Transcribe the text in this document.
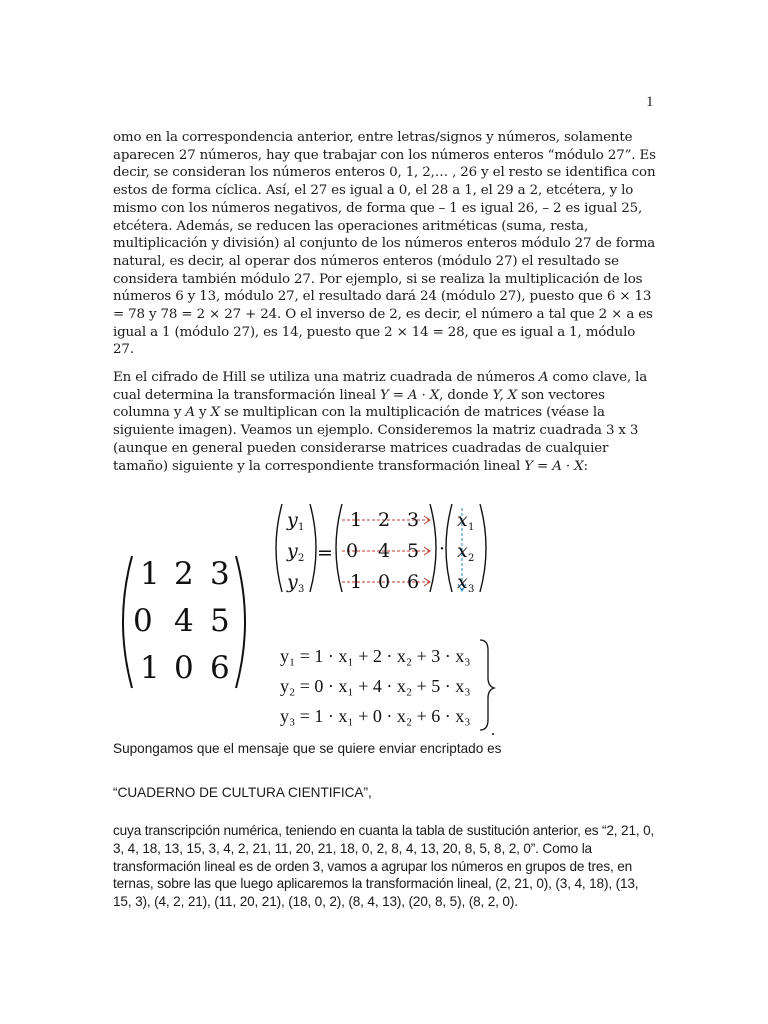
1

omo en la correspondencia anterior, entre letras/signos y números, solamente aparecen 27 números, hay que trabajar con los números enteros “módulo 27”. Es decir, se consideran los números enteros 0, 1, 2,… , 26 y el resto se identifica con estos de forma cíclica. Así, el 27 es igual a 0, el 28 a 1, el 29 a 2, etcétera, y lo mismo con los números negativos, de forma que – 1 es igual 26, – 2 es igual 25, etcétera. Además, se reducen las operaciones aritméticas (suma, resta, multiplicación y división) al conjunto de los números enteros módulo 27 de forma natural, es decir, al operar dos números enteros (módulo 27) el resultado se considera también módulo 27. Por ejemplo, si se realiza la multiplicación de los números 6 y 13, módulo 27, el resultado dará 24 (módulo 27), puesto que 6 × 13 = 78 y 78 = 2 × 27 + 24. O el inverso de 2, es decir, el número a tal que 2 × a es igual a 1 (módulo 27), es 14, puesto que 2 × 14 = 28, que es igual a 1, módulo 27.

En el cifrado de Hill se utiliza una matriz cuadrada de números A como clave, la cual determina la transformación lineal Y = A · X, donde Y, X son vectores columna y A y X se multiplican con la multiplicación de matrices (véase la siguiente imagen). Veamos un ejemplo. Consideremos la matriz cuadrada 3 x 3 (aunque en general pueden considerarse matrices cuadradas de cualquier tamaño) siguiente y la correspondiente transformación lineal Y = A · X:

1 2 3
0 4 5
1 0 6
y 1
y 2
y 3
=
1 2 3
0 4 5
1 0 6
·
x 1
x 2
x 3
y₁ = 1 · x₁ + 2 · x₂ + 3 · x₃
y₂ = 0 · x₁ + 4 · x₂ + 5 · x₃
y₃ = 1 · x₁ + 0 · x₂ + 6 · x₃

Supongamos que el mensaje que se quiere enviar encriptado es

“CUADERNO DE CULTURA CIENTIFICA”,

cuya transcripción numérica, teniendo en cuanta la tabla de sustitución anterior, es “2, 21, 0, 3, 4, 18, 13, 15, 3, 4, 2, 21, 11, 20, 21, 18, 0, 2, 8, 4, 13, 20, 8, 5, 8, 2, 0”. Como la transformación lineal es de orden 3, vamos a agrupar los números en grupos de tres, en ternas, sobre las que luego aplicaremos la transformación lineal, (2, 21, 0), (3, 4, 18), (13, 15, 3), (4, 2, 21), (11, 20, 21), (18, 0, 2), (8, 4, 13), (20, 8, 5), (8, 2, 0).
